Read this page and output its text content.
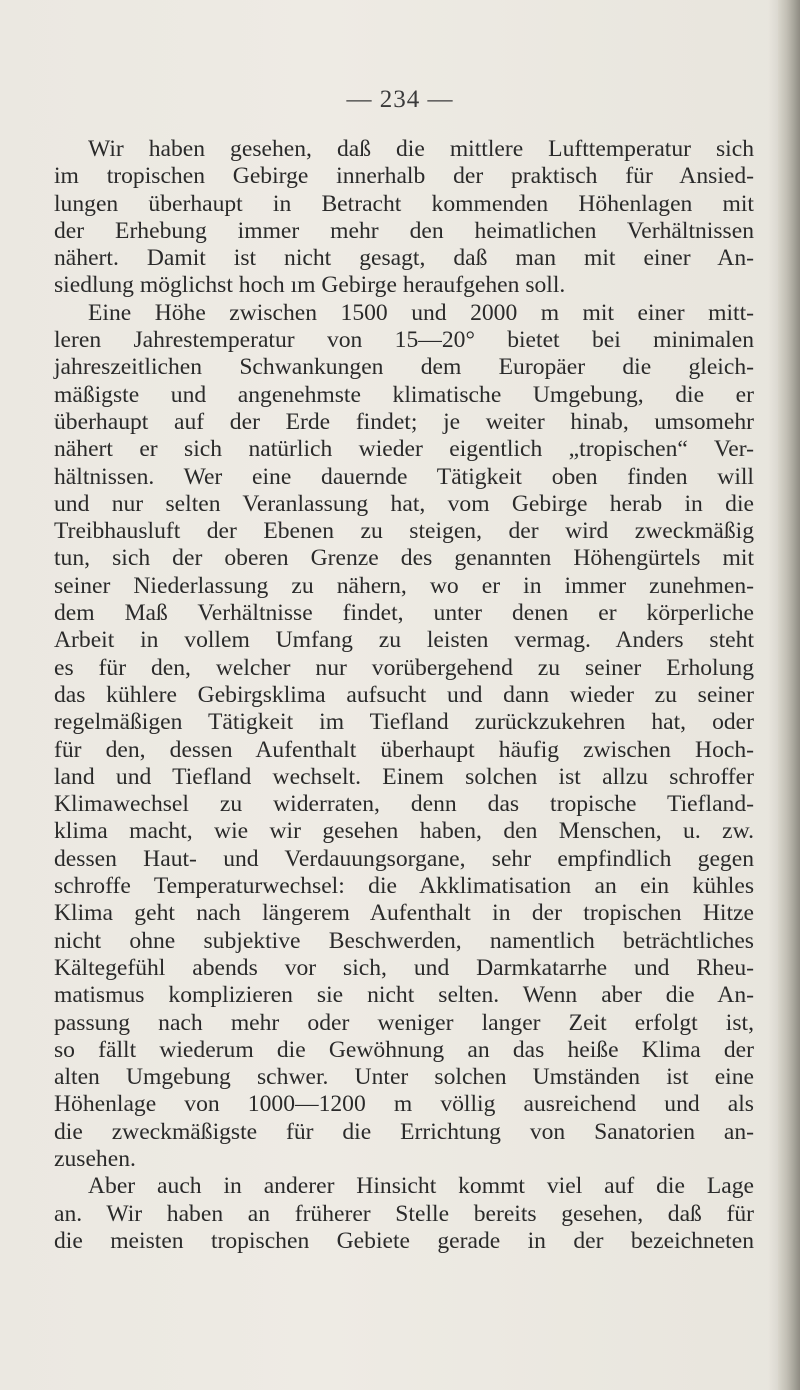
— 234 —
Wir haben gesehen, daß die mittlere Lufttemperatur sich
im tropischen Gebirge innerhalb der praktisch für Ansied-
lungen überhaupt in Betracht kommenden Höhenlagen mit
der Erhebung immer mehr den heimatlichen Verhältnissen
nähert. Damit ist nicht gesagt, daß man mit einer An-
siedlung möglichst hoch ım Gebirge heraufgehen soll.
Eine Höhe zwischen 1500 und 2000 m mit einer mitt-
leren Jahrestemperatur von 15—20° bietet bei minimalen
jahreszeitlichen Schwankungen dem Europäer die gleich-
mäßigste und angenehmste klimatische Umgebung, die er
überhaupt auf der Erde findet; je weiter hinab, umsomehr
nähert er sich natürlich wieder eigentlich „tropischen“ Ver-
hältnissen. Wer eine dauernde Tätigkeit oben finden will
und nur selten Veranlassung hat, vom Gebirge herab in die
Treibhausluft der Ebenen zu steigen, der wird zweckmäßig
tun, sich der oberen Grenze des genannten Höhengürtels mit
seiner Niederlassung zu nähern, wo er in immer zunehmen-
dem Maß Verhältnisse findet, unter denen er körperliche
Arbeit in vollem Umfang zu leisten vermag. Anders steht
es für den, welcher nur vorübergehend zu seiner Erholung
das kühlere Gebirgsklima aufsucht und dann wieder zu seiner
regelmäßigen Tätigkeit im Tiefland zurückzukehren hat, oder
für den, dessen Aufenthalt überhaupt häufig zwischen Hoch-
land und Tiefland wechselt. Einem solchen ist allzu schroffer
Klimawechsel zu widerraten, denn das tropische Tiefland-
klima macht, wie wir gesehen haben, den Menschen, u. zw.
dessen Haut- und Verdauungsorgane, sehr empfindlich gegen
schroffe Temperaturwechsel: die Akklimatisation an ein kühles
Klima geht nach längerem Aufenthalt in der tropischen Hitze
nicht ohne subjektive Beschwerden, namentlich beträchtliches
Kältegefühl abends vor sich, und Darmkatarrhe und Rheu-
matismus komplizieren sie nicht selten. Wenn aber die An-
passung nach mehr oder weniger langer Zeit erfolgt ist,
so fällt wiederum die Gewöhnung an das heiße Klima der
alten Umgebung schwer. Unter solchen Umständen ist eine
Höhenlage von 1000—1200 m völlig ausreichend und als
die zweckmäßigste für die Errichtung von Sanatorien an-
zusehen.
Aber auch in anderer Hinsicht kommt viel auf die Lage
an. Wir haben an früherer Stelle bereits gesehen, daß für
die meisten tropischen Gebiete gerade in der bezeichneten
